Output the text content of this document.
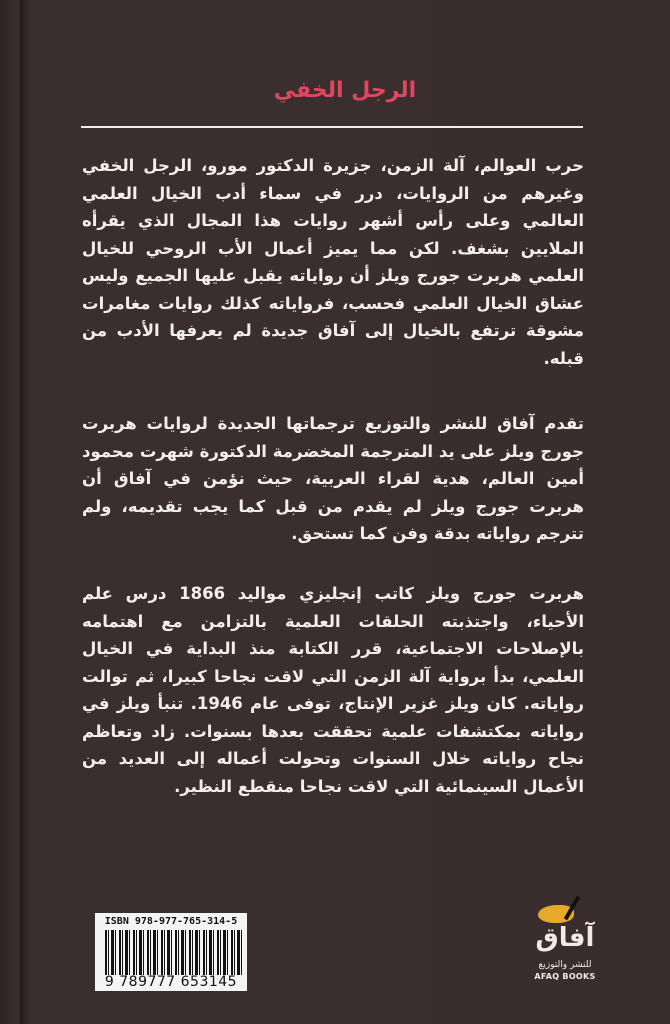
الرجل الخفي

حرب العوالم، آلة الزمن، جزيرة الدكتور مورو، الرجل الخفي وغيرهم من الروايات، درر في سماء أدب الخيال العلمي العالمي وعلى رأس أشهر روايات هذا المجال الذي يقرأه الملايين بشغف. لكن مما يميز أعمال الأب الروحي للخيال العلمي هربرت جورج ويلز أن رواياته يقبل عليها الجميع وليس عشاق الخيال العلمي فحسب، فرواياته كذلك روايات مغامرات مشوقة ترتفع بالخيال إلى آفاق جديدة لم يعرفها الأدب من قبله.

تقدم آفاق للنشر والتوزيع ترجماتها الجديدة لروايات هربرت جورج ويلز على يد المترجمة المخضرمة الدكتورة شهرت محمود أمين العالم، هدية لقراء العربية، حيث نؤمن في آفاق أن هربرت جورج ويلز لم يقدم من قبل كما يجب تقديمه، ولم تترجم رواياته بدقة وفن كما تستحق.

هربرت جورج ويلز كاتب إنجليزي مواليد 1866 درس علم الأحياء، واجتذبته الحلقات العلمية بالتزامن مع اهتمامه بالإصلاحات الاجتماعية، قرر الكتابة منذ البداية في الخيال العلمي، بدأ برواية آلة الزمن التي لاقت نجاحا كبيرا، ثم توالت رواياته. كان ويلز غزير الإنتاج، توفى عام 1946. تنبأ ويلز في رواياته بمكتشفات علمية تحققت بعدها بسنوات. زاد وتعاظم نجاح رواياته خلال السنوات وتحولت أعماله إلى العديد من الأعمال السينمائية التي لاقت نجاحا منقطع النظير.

ISBN 978-977-765-314-5
9 789777 653145
آفاق
للنشر والتوزيع
AFAQ BOOKS
